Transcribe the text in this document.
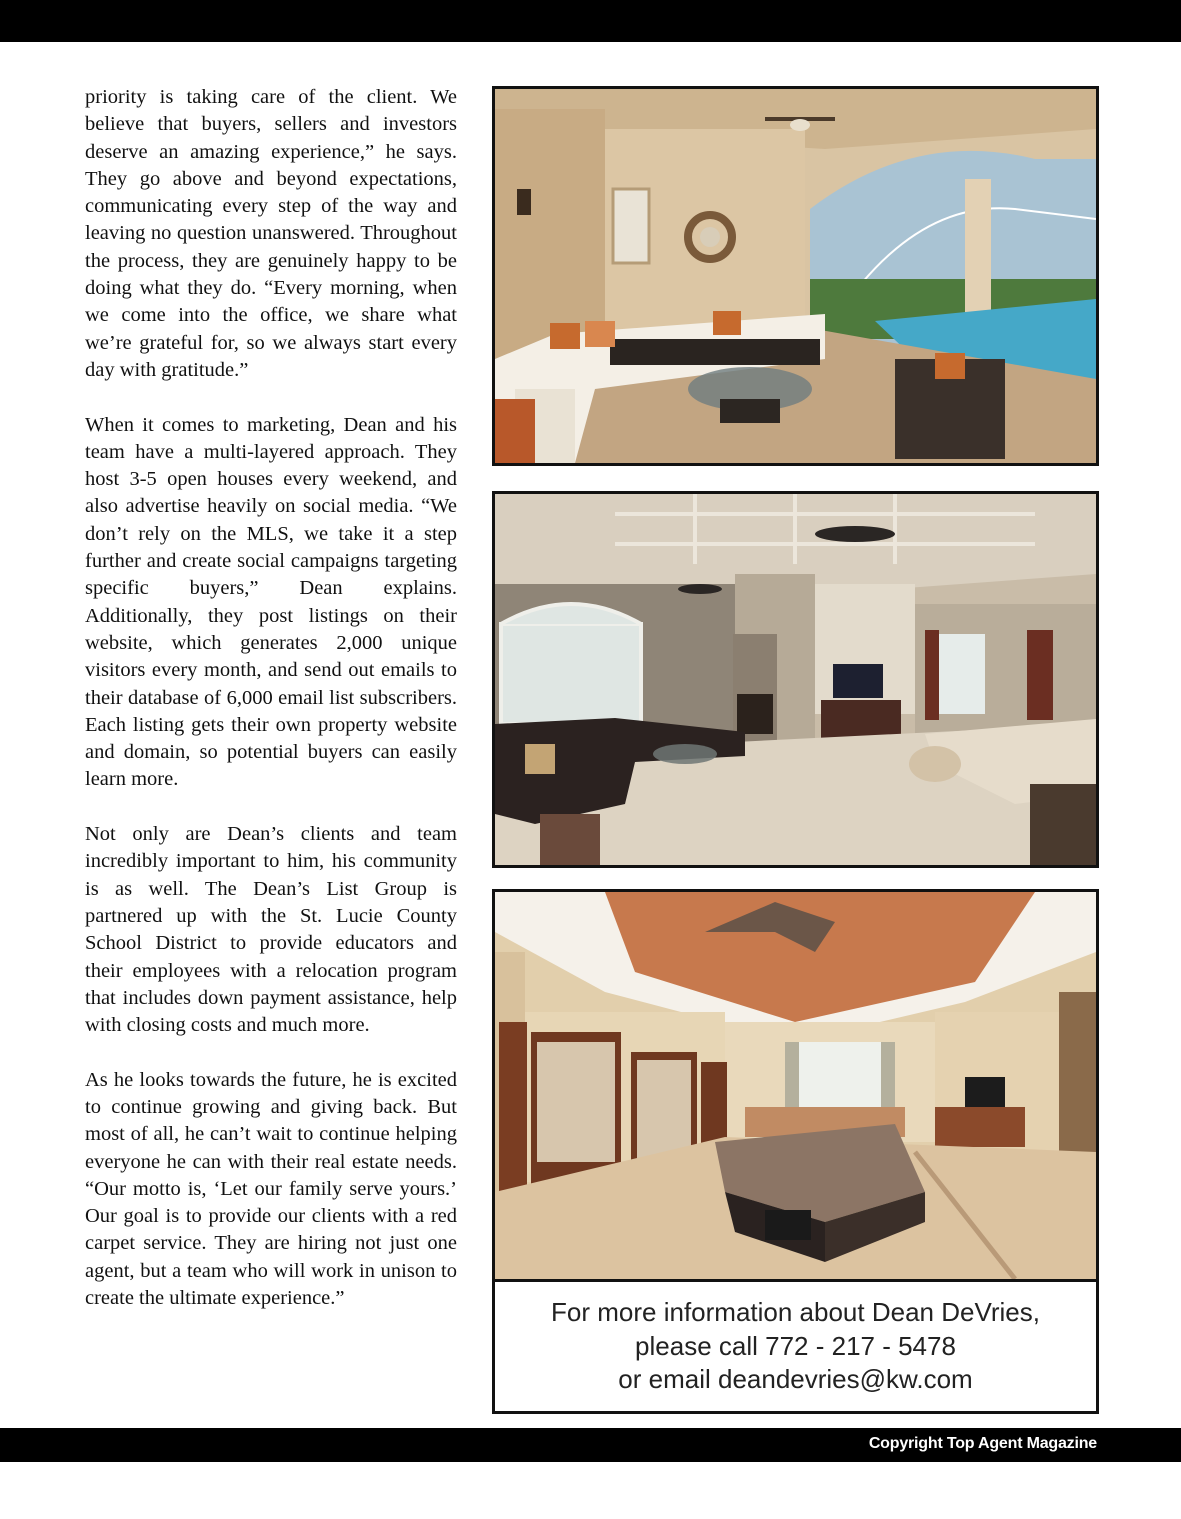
priority is taking care of the client. We believe that buyers, sellers and investors deserve an amazing experience,” he says. They go above and beyond expectations, communicating every step of the way and leaving no question unanswered. Throughout the process, they are genuinely happy to be doing what they do. “Every morning, when we come into the office, we share what we’re grateful for, so we always start every day with gratitude.”

When it comes to marketing, Dean and his team have a multi-layered approach. They host 3-5 open houses every weekend, and also advertise heavily on social media. “We don’t rely on the MLS, we take it a step further and create social campaigns targeting specific buyers,” Dean explains. Additionally, they post listings on their website, which generates 2,000 unique visitors every month, and send out emails to their database of 6,000 email list subscribers. Each listing gets their own property website and domain, so potential buyers can easily learn more.

Not only are Dean’s clients and team incredibly important to him, his community is as well. The Dean’s List Group is partnered up with the St. Lucie County School District to provide educators and their employees with a relocation program that includes down payment assistance, help with closing costs and much more.

As he looks towards the future, he is excited to continue growing and giving back. But most of all, he can’t wait to continue helping everyone he can with their real estate needs. “Our motto is, ‘Let our family serve yours.’ Our goal is to provide our clients with a red carpet service. They are hiring not just one agent, but a team who will work in unison to create the ultimate experience.”	For more information about Dean DeVries,
please call 772 - 217 - 5478
or email deandevries@kw.com
Copyright Top Agent Magazine
